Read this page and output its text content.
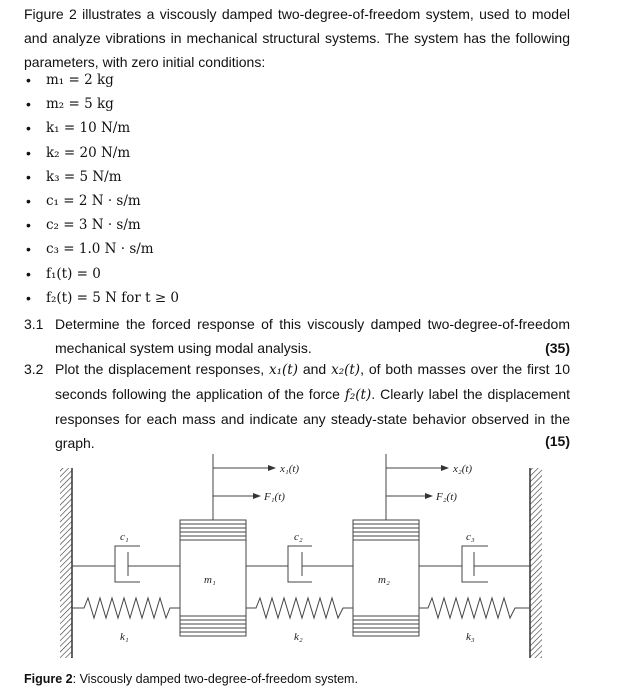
Figure 2 illustrates a viscously damped two-degree-of-freedom system, used to model and analyze vibrations in mechanical structural systems. The system has the following parameters, with zero initial conditions:

• m₁ = 2 kg
• m₂ = 5 kg
• k₁ = 10 N/m
• k₂ = 20 N/m
• k₃ = 5 N/m
• c₁ = 2 N · s/m
• c₂ = 3 N · s/m
• c₃ = 1.0 N · s/m
• f₁(t) = 0
• f₂(t) = 5 N for t ≥ 0
3.1 Determine the forced response of this viscously damped two-degree-of-freedom mechanical system using modal analysis.	(35)
3.2 Plot the displacement responses, x₁(t) and x₂(t), of both masses over the first 10 seconds following the application of the force f₂(t). Clearly label the displacement responses for each mass and indicate any steady-state behavior observed in the graph.	(15)
x₁(t)
F₁(t)
x₂(t)
F₂(t)
c₁	c₂	c₃
m₁	m₂
k₁	k₂	k₃
Figure 2: Viscously damped two-degree-of-freedom system.
